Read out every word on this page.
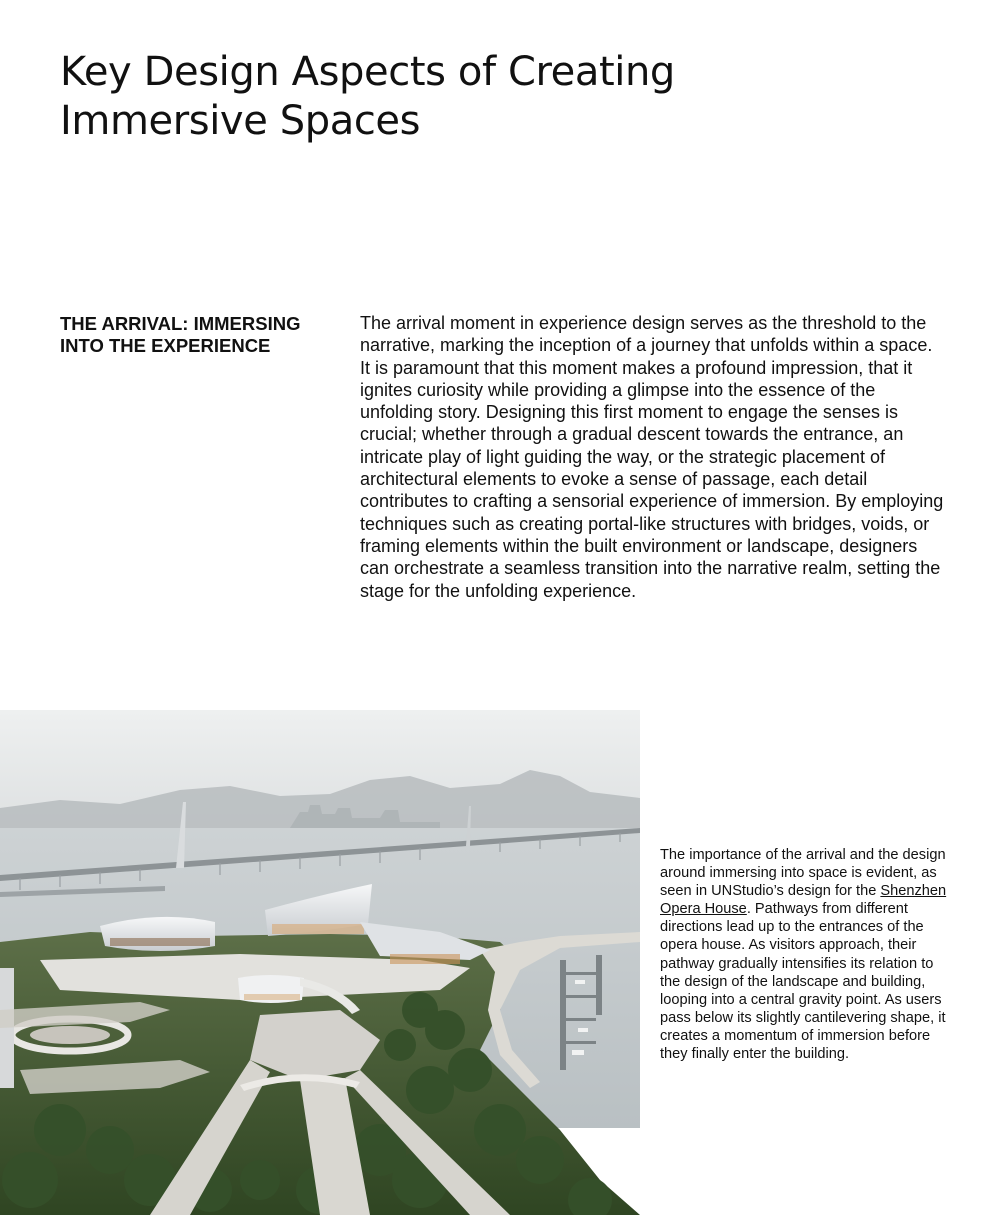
Key Design Aspects of Creating Immersive Spaces
THE ARRIVAL: IMMERSING INTO THE EXPERIENCE

The arrival moment in experience design serves as the threshold to the narrative, marking the inception of a journey that unfolds within a space. It is paramount that this moment makes a profound impression, that it ignites curiosity while providing a glimpse into the essence of the unfolding story. Designing this first moment to engage the senses is crucial; whether through a gradual descent towards the entrance, an intricate play of light guiding the way, or the strategic placement of architectural elements to evoke a sense of passage, each detail contributes to crafting a sensorial experience of immersion. By employing techniques such as creating portal-like structures with bridges, voids, or framing elements within the built environment or landscape, designers can orchestrate a seamless transition into the narrative realm, setting the stage for the unfolding experience.

The importance of the arrival and the design around immersing into space is evident, as seen in UNStudio’s design for the Shenzhen Opera House. Pathways from different directions lead up to the entrances of the opera house. As visitors approach, their pathway gradually intensifies its relation to the design of the landscape and building, looping into a central gravity point. As users pass below its slightly cantilevering shape, it creates a momentum of immersion before they finally enter the building.
